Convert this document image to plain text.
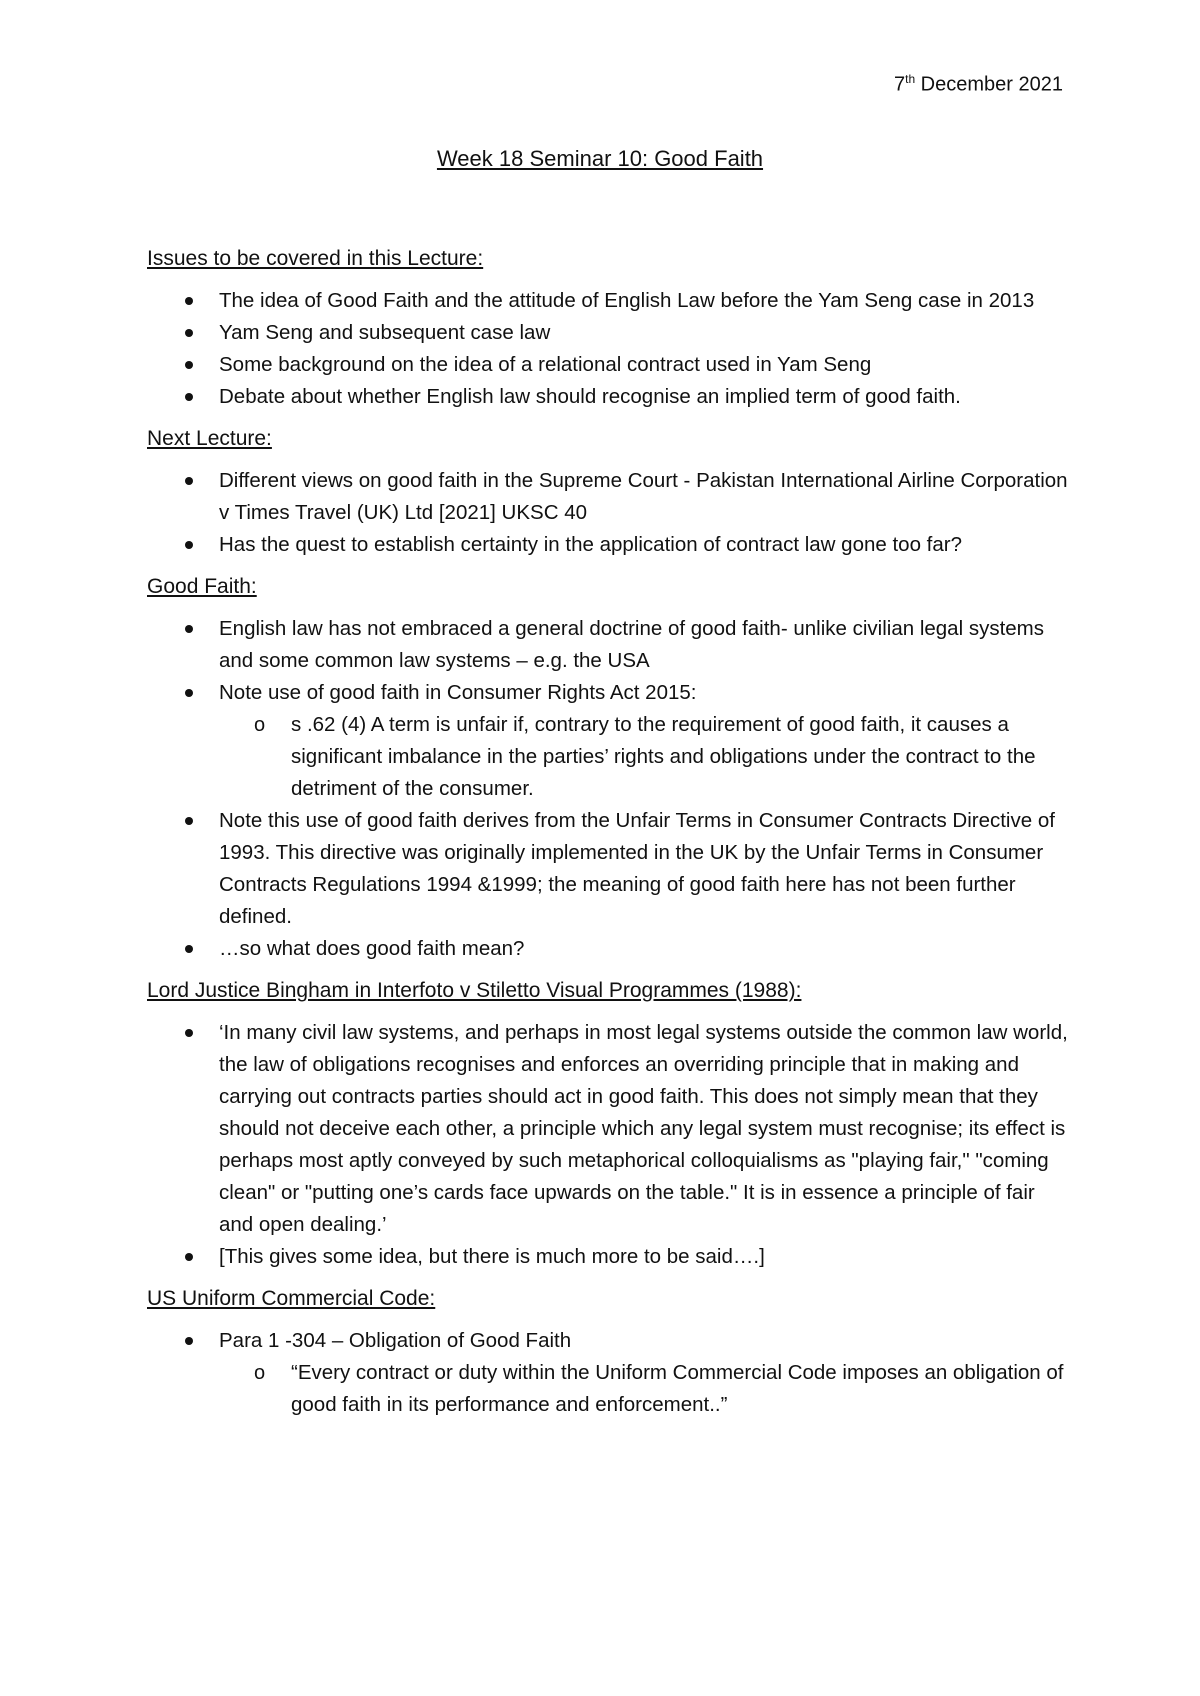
7th December 2021
Week 18 Seminar 10: Good Faith
Issues to be covered in this Lecture:
The idea of Good Faith and the attitude of English Law before the Yam Seng case in 2013
Yam Seng and subsequent case law
Some background on the idea of a relational contract used in Yam Seng
Debate about whether English law should recognise an implied term of good faith.
Next Lecture:
Different views on good faith in the Supreme Court - Pakistan International Airline Corporation v Times Travel (UK) Ltd [2021] UKSC 40
Has the quest to establish certainty in the application of contract law gone too far?
Good Faith:
English law has not embraced a general doctrine of good faith- unlike civilian legal systems and some common law systems – e.g. the USA
Note use of good faith in Consumer Rights Act 2015:
o s .62 (4) A term is unfair if, contrary to the requirement of good faith, it causes a significant imbalance in the parties’ rights and obligations under the contract to the detriment of the consumer.
Note this use of good faith derives from the Unfair Terms in Consumer Contracts Directive of 1993. This directive was originally implemented in the UK by the Unfair Terms in Consumer Contracts Regulations 1994 &1999; the meaning of good faith here has not been further defined.
…so what does good faith mean?
Lord Justice Bingham in Interfoto v Stiletto Visual Programmes (1988):
‘In many civil law systems, and perhaps in most legal systems outside the common law world, the law of obligations recognises and enforces an overriding principle that in making and carrying out contracts parties should act in good faith. This does not simply mean that they should not deceive each other, a principle which any legal system must recognise; its effect is perhaps most aptly conveyed by such metaphorical colloquialisms as "playing fair," "coming clean" or "putting one’s cards face upwards on the table." It is in essence a principle of fair and open dealing.’
[This gives some idea, but there is much more to be said….]
US Uniform Commercial Code:
Para 1 -304 – Obligation of Good Faith
o “Every contract or duty within the Uniform Commercial Code imposes an obligation of good faith in its performance and enforcement..”
